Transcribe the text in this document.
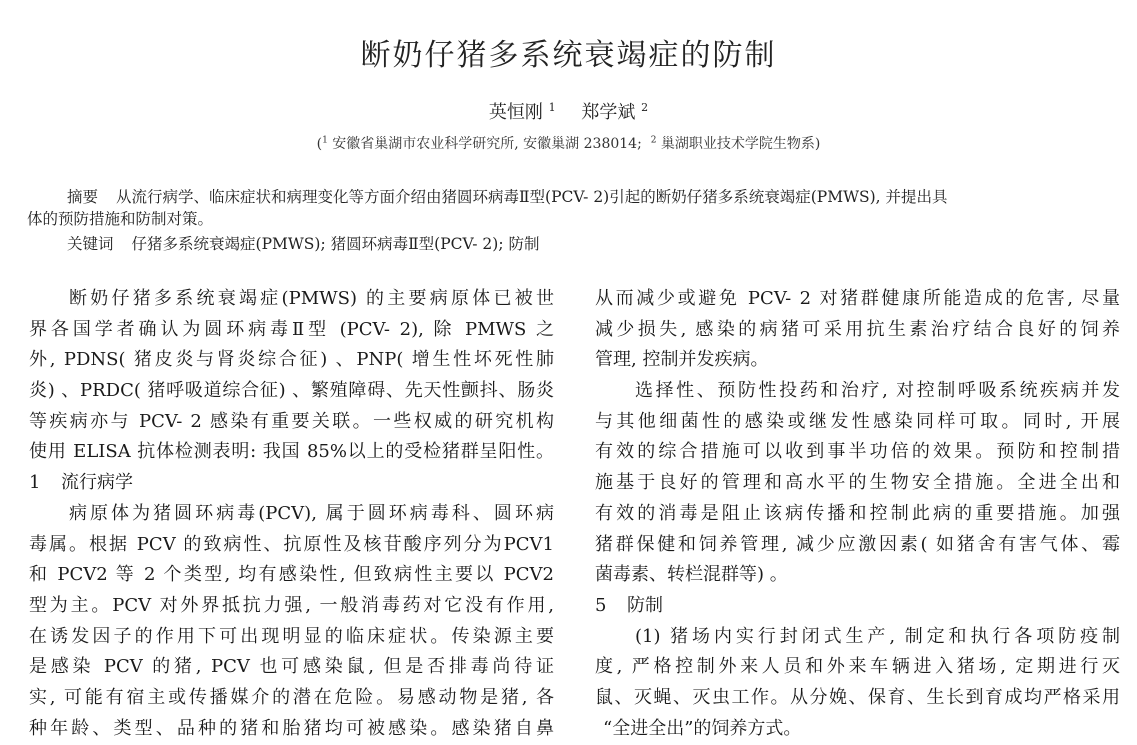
断奶仔猪多系统衰竭症的防制
英恒刚 $^1$ 郑学斌 $^2$
($^1$ 安徽省巢湖市农业科学研究所, 安徽巢湖 238014; $^2$ 巢湖职业技术学院生物系)
摘要 从流行病学、临床症状和病理变化等方面介绍由猪圆环病毒Ⅱ型(PCV- 2)引起的断奶仔猪多系统衰竭症(PMWS), 并提出具
体的预防措施和防制对策。
关键词 仔猪多系统衰竭症(PMWS); 猪圆环病毒Ⅱ型(PCV- 2); 防制
断奶仔猪多系统衰竭症(PMWS) 的主要病原体已被世
界各国学者确认为圆环病毒Ⅱ型 (PCV- 2), 除 PMWS 之
外, PDNS( 猪皮炎与肾炎综合征) 、PNP( 增生性坏死性肺
炎) 、PRDC( 猪呼吸道综合征) 、繁殖障碍、先天性颤抖、肠炎
等疾病亦与 PCV- 2 感染有重要关联。一些权威的研究机构
使用 ELISA 抗体检测表明: 我国 85%以上的受检猪群呈阳性。
1 流行病学
病原体为猪圆环病毒(PCV), 属于圆环病毒科、圆环病
毒属。根据 PCV 的致病性、抗原性及核苷酸序列分为PCV1
和 PCV2 等 2 个类型, 均有感染性, 但致病性主要以 PCV2
型为主。PCV 对外界抵抗力强, 一般消毒药对它没有作用,
在诱发因子的作用下可出现明显的临床症状。传染源主要
是感染 PCV 的猪, PCV 也可感染鼠, 但是否排毒尚待证
实, 可能有宿主或传播媒介的潜在危险。易感动物是猪, 各
种年龄、类型、品种的猪和胎猪均可被感染。感染猪自鼻
从而减少或避免 PCV- 2 对猪群健康所能造成的危害, 尽量
减少损失, 感染的病猪可采用抗生素治疗结合良好的饲养
管理, 控制并发疾病。
选择性、预防性投药和治疗, 对控制呼吸系统疾病并发
与其他细菌性的感染或继发性感染同样可取。同时, 开展
有效的综合措施可以收到事半功倍的效果。预防和控制措
施基于良好的管理和高水平的生物安全措施。全进全出和
有效的消毒是阻止该病传播和控制此病的重要措施。加强
猪群保健和饲养管理, 减少应激因素( 如猪舍有害气体、霉
菌毒素、转栏混群等) 。
5 防制
(1) 猪场内实行封闭式生产, 制定和执行各项防疫制
度, 严格控制外来人员和外来车辆进入猪场, 定期进行灭
鼠、灭蝇、灭虫工作。从分娩、保育、生长到育成均严格采用
“全进全出”的饲养方式。
